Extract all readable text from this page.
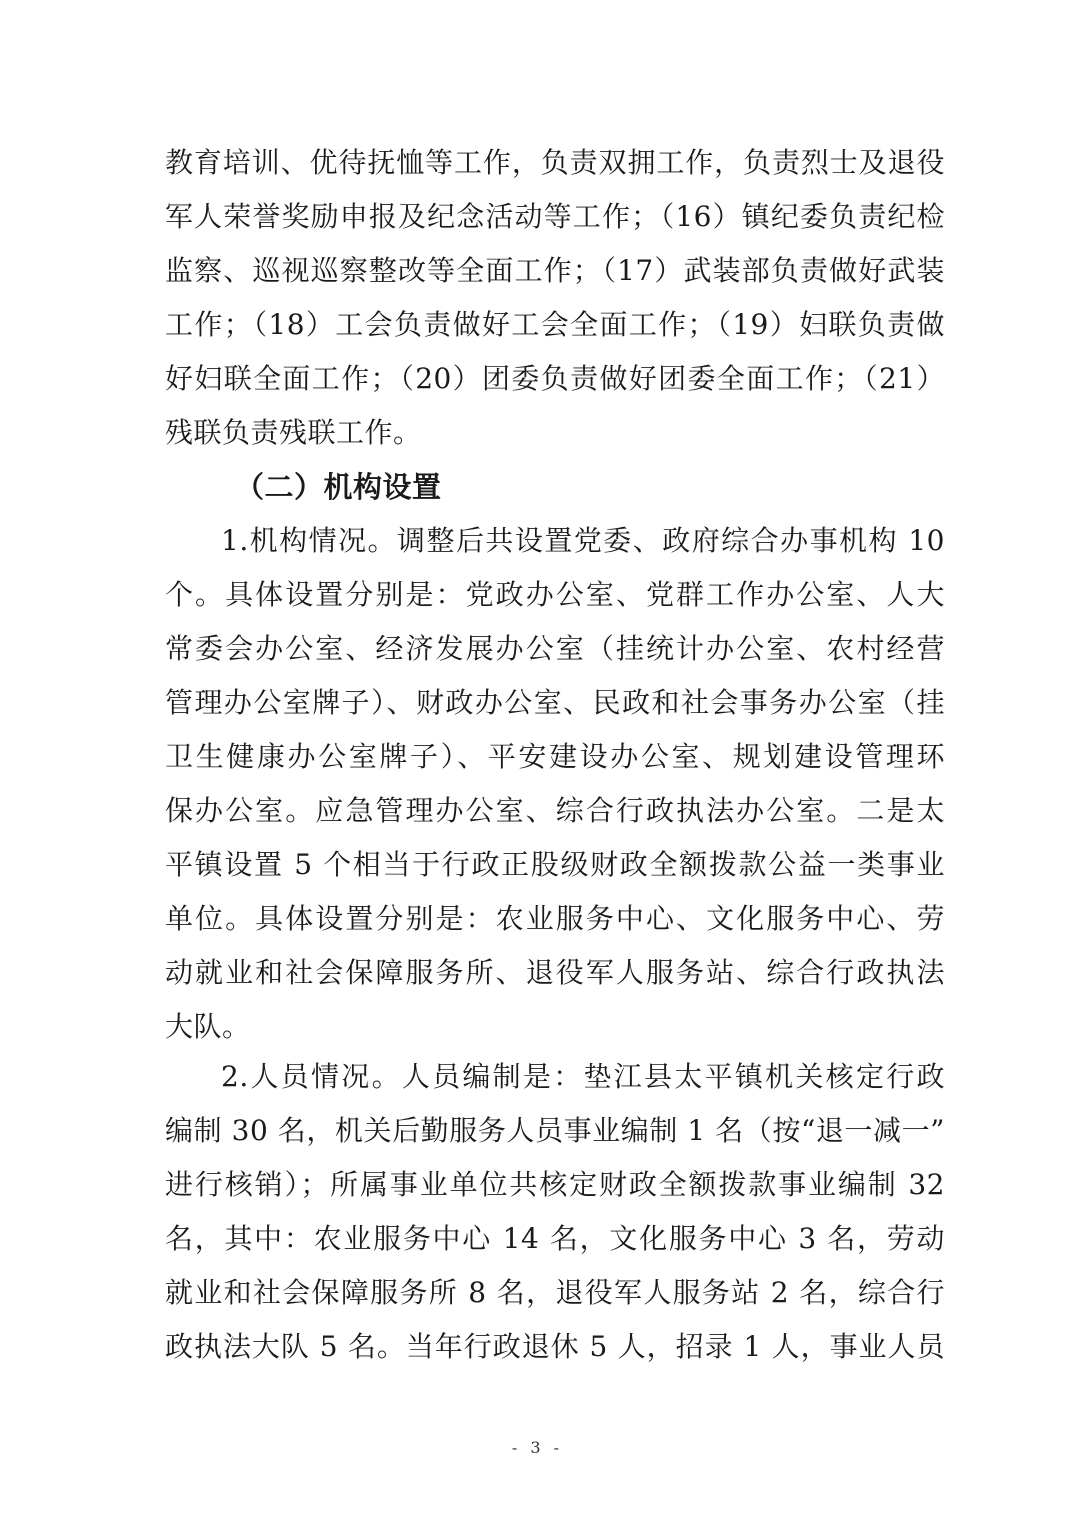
教育培训、优待抚恤等工作，负责双拥工作，负责烈士及退役
军人荣誉奖励申报及纪念活动等工作；（16）镇纪委负责纪检
监察、巡视巡察整改等全面工作；（17）武装部负责做好武装
工作；（18）工会负责做好工会全面工作；（19）妇联负责做
好妇联全面工作；（20）团委负责做好团委全面工作；（21）
残联负责残联工作。
（二）机构设置
1.机构情况。调整后共设置党委、政府综合办事机构 10
个。具体设置分别是：党政办公室、党群工作办公室、人大
常委会办公室、经济发展办公室（挂统计办公室、农村经营
管理办公室牌子）、财政办公室、民政和社会事务办公室（挂
卫生健康办公室牌子）、平安建设办公室、规划建设管理环
保办公室。应急管理办公室、综合行政执法办公室。二是太
平镇设置 5 个相当于行政正股级财政全额拨款公益一类事业
单位。具体设置分别是：农业服务中心、文化服务中心、劳
动就业和社会保障服务所、退役军人服务站、综合行政执法
大队。
2.人员情况。人员编制是：垫江县太平镇机关核定行政
编制 30 名，机关后勤服务人员事业编制 1 名（按“退一减一”
进行核销）；所属事业单位共核定财政全额拨款事业编制 32
名，其中：农业服务中心 14 名，文化服务中心 3 名，劳动
就业和社会保障服务所 8 名，退役军人服务站 2 名，综合行
政执法大队 5 名。当年行政退休 5 人，招录 1 人，事业人员
- 3 -
